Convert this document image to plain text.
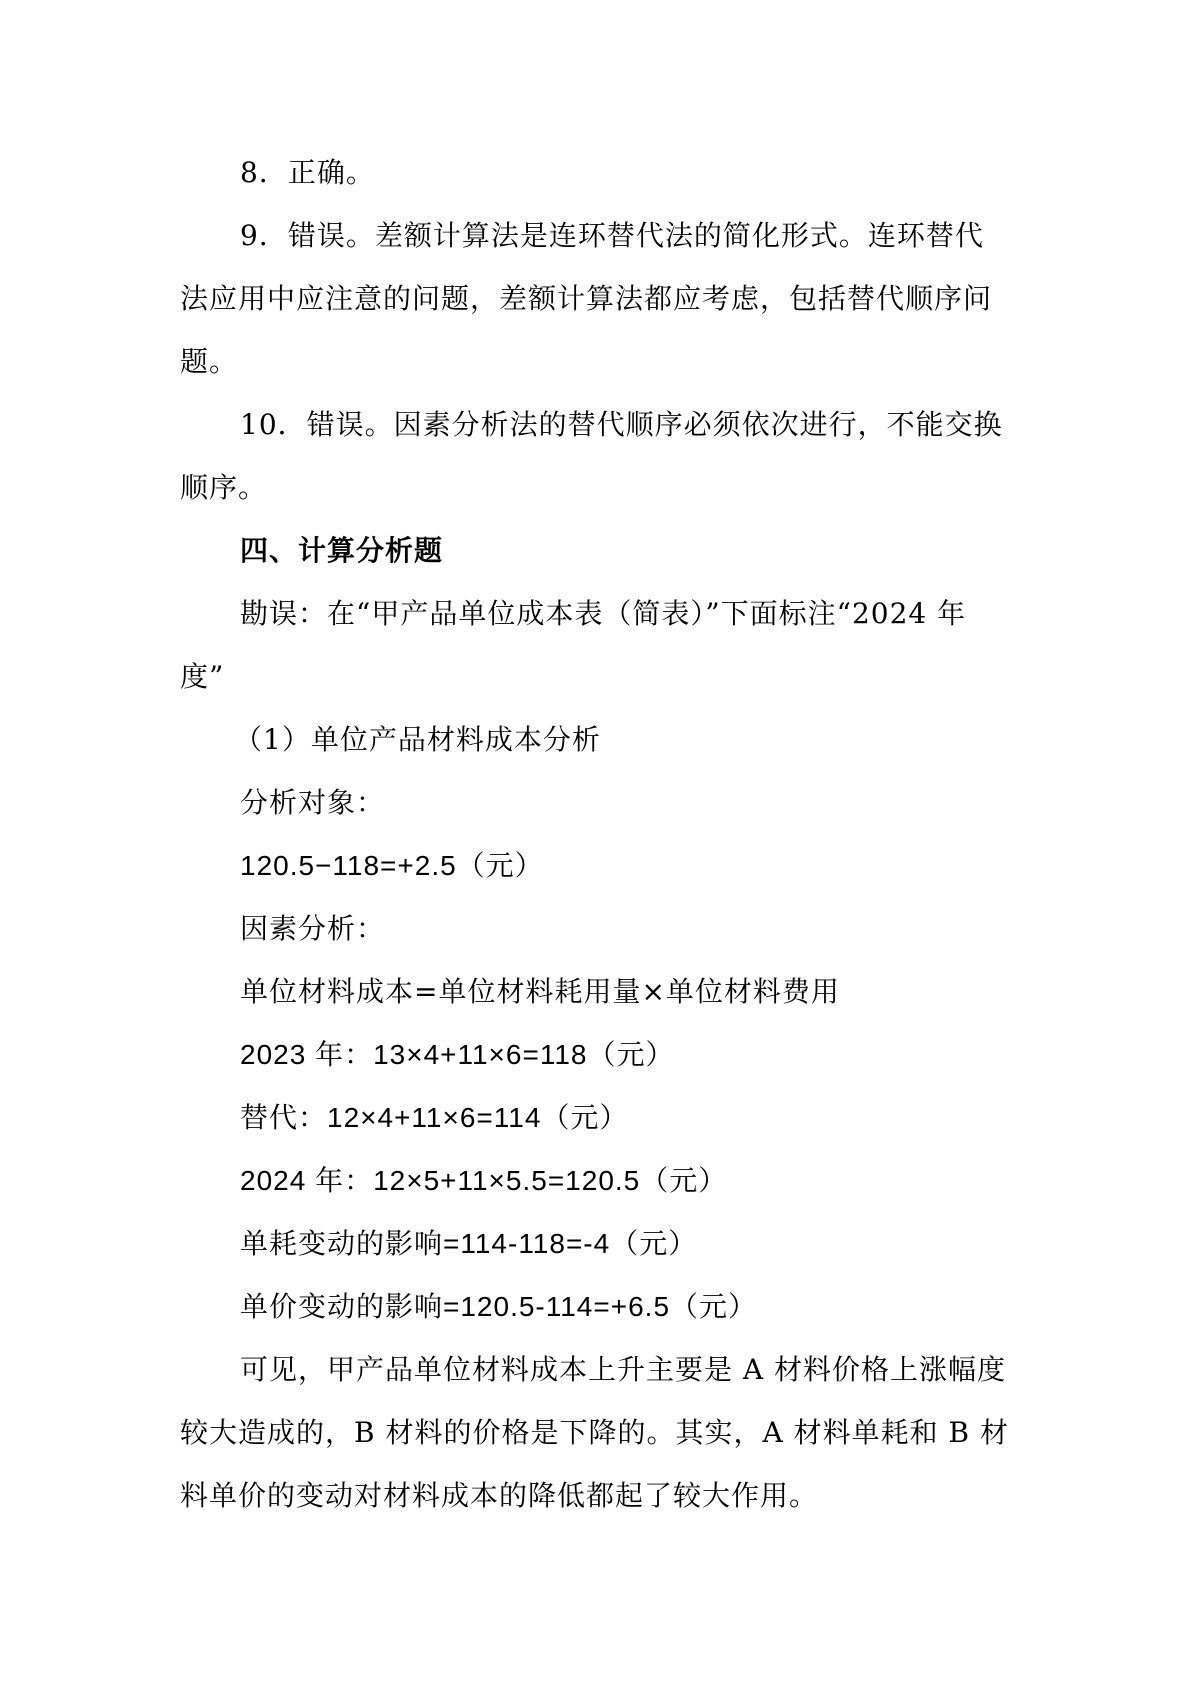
8．正确。
9．错误。差额计算法是连环替代法的简化形式。连环替代
法应用中应注意的问题，差额计算法都应考虑，包括替代顺序问
题。
10．错误。因素分析法的替代顺序必须依次进行，不能交换
顺序。
四、计算分析题
勘误：在“甲产品单位成本表（简表）”下面标注“2024 年
度”
（1）单位产品材料成本分析
分析对象：
120.5−118=+2.5（元）
因素分析：
单位材料成本=单位材料耗用量×单位材料费用
2023 年：13×4+11×6=118（元）
替代：12×4+11×6=114（元）
2024 年：12×5+11×5.5=120.5（元）
单耗变动的影响=114-118=-4（元）
单价变动的影响=120.5-114=+6.5（元）
可见，甲产品单位材料成本上升主要是 A 材料价格上涨幅度
较大造成的，B 材料的价格是下降的。其实，A 材料单耗和 B 材
料单价的变动对材料成本的降低都起了较大作用。
